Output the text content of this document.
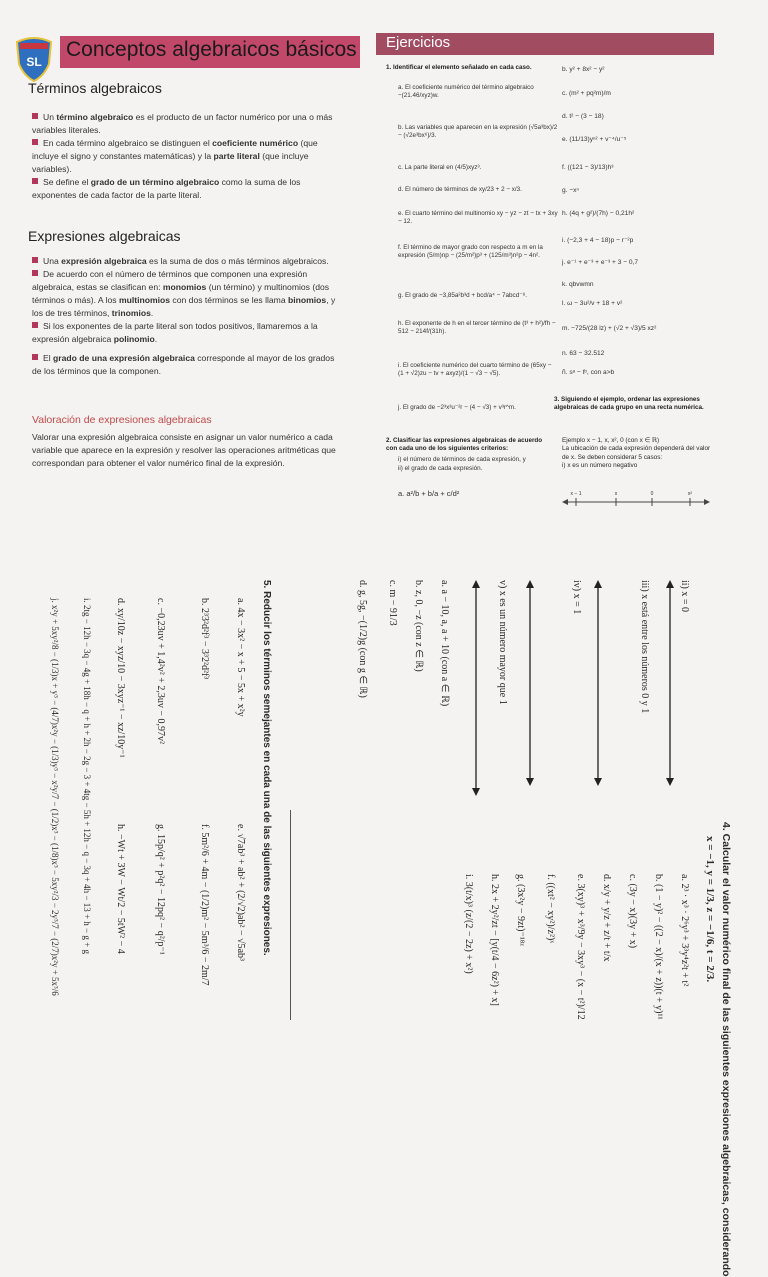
SL
Conceptos algebraicos básicos Ejercicios
Términos algebraicos
Un término algebraico es el producto de un factor numérico por una o más variables literales.
En cada término algebraico se distinguen el coeficiente numérico (que incluye el signo y constantes matemáticas) y la parte literal (que incluye variables).
Se define el grado de un término algebraico como la suma de los exponentes de cada factor de la parte literal.
Expresiones algebraicas
Una expresión algebraica es la suma de dos o más términos algebraicos.
De acuerdo con el número de términos que componen una expresión algebraica, estas se clasifican en: monomios (un término) y multinomios (dos términos o más). A los multinomios con dos términos se les llama binomios, y los de tres términos, trinomios.
Si los exponentes de la parte literal son todos positivos, llamaremos a la expresión algebraica polinomio.
El grado de una expresión algebraica corresponde al mayor de los grados de los términos que la componen.
Valoración de expresiones algebraicas
Valorar una expresión algebraica consiste en asignar un valor numérico a cada variable que aparece en la expresión y resolver las operaciones aritméticas que correspondan para obtener el valor numérico final de la expresión.
1. Identificar el elemento señalado en cada caso.
a. El coeficiente numérico del término algebraico −(21.46/xyz)w.
b. Las variables que aparecen en la expresión (√5a³bx)/2 − (√2e³bx⁶)/3.
c. La parte literal en (4/5)xyz³.
d. El número de términos de xy/23 + 2 − x/3.
e. El cuarto término del multinomio xy − yz − zt − tx + 3xy − 12.
f. El término de mayor grado con respecto a m en la expresión (5/m)np − (25/m²)p³ + (125/m³)n²p − 4n².
g. El grado de −3,85a²b³d + bcd/a⁴ − 7abcd⁻⁸.
h. El exponente de h en el tercer término de (t³ + h²)/fh − 512 − 214f/(31h).
i. El coeficiente numérico del cuarto término de (65xy − (1 + √2)zu − tv + axyz)/(1 − √3 − √5).
j. El grado de −2³x³u⁻²r − (4 − √3) + v³r^m.
2. Clasificar las expresiones algebraicas de acuerdo con cada uno de los siguientes criterios:
i) el número de términos de cada expresión, y
ii) el grado de cada expresión.
a. a²/b + b/a + c/d²
b. y² + 8x² − y²
c. (m² + pq²m)/m
d. t² − (3 − 18)
e. (11/13)yⁿ² + v⁻⁴/u⁻⁵
f. ((121 − 3)/13)h³
g. −xⁿ
h. (4q + g²)/(7h) − 0,21h²
i. (−2,3 + 4 − 18)p − r⁻²p
j. e⁻¹ + e⁻³ + e⁻³ + 3 − 0,7
k. qbvwmn
l. ω − 3u²/v + 18 + v²
m. −725/(28 lz) + (√2 + √3)/5 xz²
n. 63 − 32.512
ñ. sᵃ − tᵇ, con a>b
3. Siguiendo el ejemplo, ordenar las expresiones algebraicas de cada grupo en una recta numérica.
Ejemplo x − 1, x, x², 0 (con x ∈ ℝ)
La ubicación de cada expresión dependerá del valor de x. Se deben considerar 5 casos:
i) x es un número negativo
x − 1	x	0	x²
4. Calcular el valor numérico final de las siguientes expresiones algebraicas, considerando
x = −1, y = 1/3, z = −1/6, t = 2/3.
a. 2³ · x³ · 2⁶y³ + 3³y⁴z²t + t²
b. (1 − y)² − ((2 − x)/(x + z))(t + y)¹¹
c. (3y − x)(3y + x)
d. x/y + y/z + z/t + t/x
e. 3(xy)³ + x³/9y − 3xy³ − (x − t²)/12
f. ((xt² − xy²)/z²)ˣ
g. (3x²y − 9zt)⁻¹⁸ᶻ
h. 2x + 2y²/zt − [y(t/4 − 6z²) + x]
i. 3(t/x)³ (z/(2 − 2z) + x²)
ii) x = 0
iii) x está entre los números 0 y 1
iv) x = 1
v) x es un número mayor que 1
a. a − 10, a, a + 10 (con a ∈ ℝ)
b. z, 0, −z (con z ∈ ℝ)
c. m − 91/3
d. g, 5g, −(1/2)g (con g ∈ ℝ)
5. Reducir los términos semejantes en cada una de las siguientes expresiones.
a. 4x − 3x² − x + 5 − 5x + x²y
b. 2³3²d²f³ − 3³2²d²f³
c. −0,23uv + 1,4²v² + 2,3uv − 0,97v²
d. xy/10z − xyz/10 − 3xyz⁻¹ − xz/10y⁻¹
e. √7ab³ + ab² + (2/√2)ab² − √5ab³
f. 5m²/6 + 4m − (1/2)m² − 5m³/6 − 2m/7
g. 15p/q² + p²q² − 12pq² − q²/p⁻¹
h. −Wt + 3W − Wt/2 − 5tW² − 4
i. 2tg − 12h − 3q − 4g + 18h − q + h + 2h − 2g − 3 + 4tg − 5h + 12h − q − 3q + 4h − 13 + h − g + g
j. x²y + 5xy²/8 − (1/3)x + y³ − (4/7)x²y − (1/3)y³ − x²y/7 − (1/2)x³ − (1/8)x³ − 5xy²/3 − 2y³/7 − (2/7)x²y + 5x³/6
